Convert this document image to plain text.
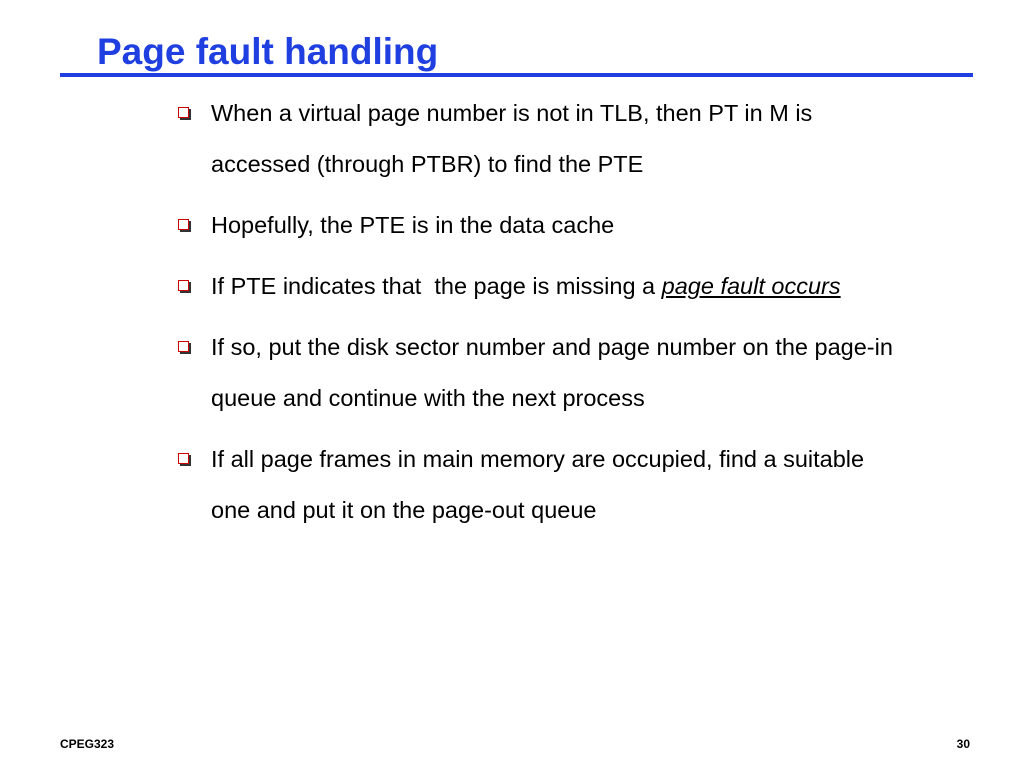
Page fault handling
When a virtual page number is not in TLB, then PT in M is accessed (through PTBR) to find the PTE
Hopefully, the PTE is in the data cache
If PTE indicates that  the page is missing a page fault occurs
If so, put the disk sector number and page number on the page-in queue and continue with the next process
If all page frames in main memory are occupied, find a suitable one and put it on the page-out queue
CPEG323	30
